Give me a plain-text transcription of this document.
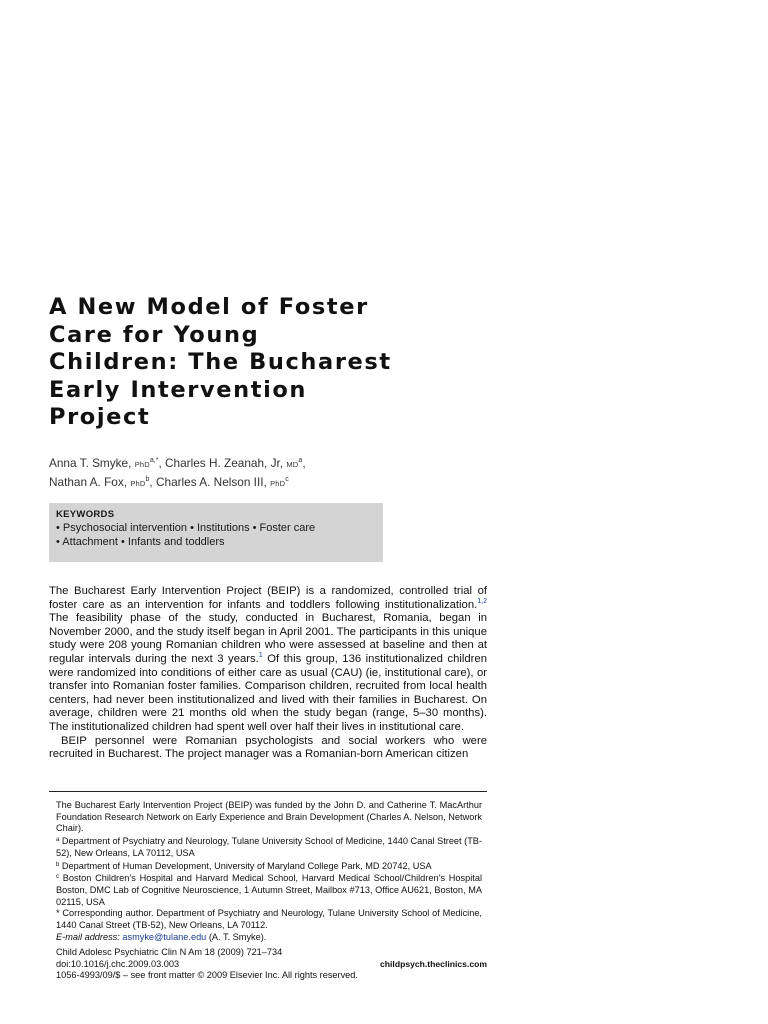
A New Model of Foster
Care for Young
Children: The Bucharest
Early Intervention
Project
Anna T. Smyke, PhD$^{a,*}$, Charles H. Zeanah, Jr, $MD^a$,
Nathan A. Fox, PhD$^b$, Charles A. Nelson III, PhD$^c$
KEYWORDS
• Psychosocial intervention • Institutions • Foster care
• Attachment • Infants and toddlers

The Bucharest Early Intervention Project (BEIP) is a randomized, controlled trial of foster care as an intervention for infants and toddlers following institutionalization.$^{1,2}$ The feasibility phase of the study, conducted in Bucharest, Romania, began in November 2000, and the study itself began in April 2001. The participants in this unique study were 208 young Romanian children who were assessed at baseline and then at regular intervals during the next 3 years.$^1$ Of this group, 136 institutionalized children were randomized into conditions of either care as usual (CAU) (ie, institutional care), or transfer into Romanian foster families. Comparison children, recruited from local health centers, had never been institutionalized and lived with their families in Bucharest. On average, children were 21 months old when the study began (range, 5–30 months). The institutionalized children had spent well over half their lives in institutional care.

BEIP personnel were Romanian psychologists and social workers who were recruited in Bucharest. The project manager was a Romanian-born American citizen

The Bucharest Early Intervention Project (BEIP) was funded by the John D. and Catherine T. MacArthur Foundation Research Network on Early Experience and Brain Development (Charles A. Nelson, Network Chair).

$^a$ Department of Psychiatry and Neurology, Tulane University School of Medicine, 1440 Canal Street (TB-52), New Orleans, LA 70112, USA

$^b$ Department of Human Development, University of Maryland College Park, MD 20742, USA

$^c$ Boston Children’s Hospital and Harvard Medical School, Harvard Medical School/Children’s Hospital Boston, DMC Lab of Cognitive Neuroscience, 1 Autumn Street, Mailbox #713, Office AU621, Boston, MA 02115, USA

* Corresponding author. Department of Psychiatry and Neurology, Tulane University School of Medicine, 1440 Canal Street (TB-52), New Orleans, LA 70112.

E-mail address: asmyke@tulane.edu (A. T. Smyke).

Child Adolesc Psychiatric Clin N Am 18 (2009) 721–734
doi:10.1016/j.chc.2009.03.003	childpsych.theclinics.com
1056-4993/09/$ – see front matter © 2009 Elsevier Inc. All rights reserved.
